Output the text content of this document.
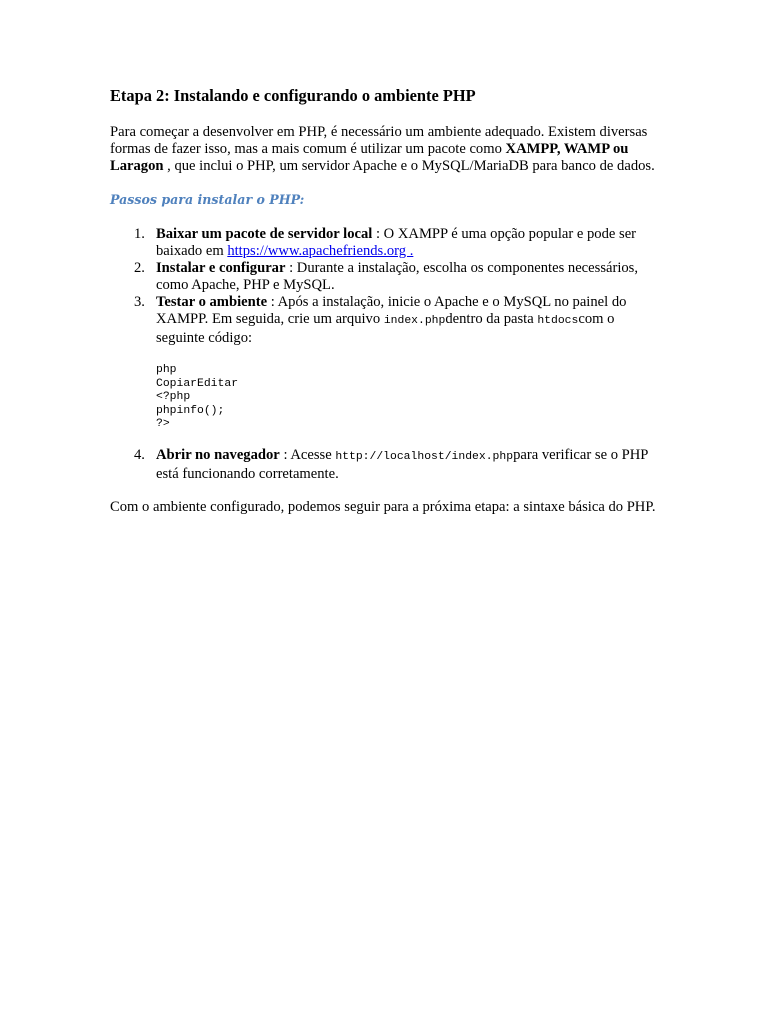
Etapa 2: Instalando e configurando o ambiente PHP

Para começar a desenvolver em PHP, é necessário um ambiente adequado. Existem diversas formas de fazer isso, mas a mais comum é utilizar um pacote como XAMPP, WAMP ou Laragon , que inclui o PHP, um servidor Apache e o MySQL/MariaDB para banco de dados.

Passos para instalar o PHP:
1. Baixar um pacote de servidor local : O XAMPP é uma opção popular e pode ser baixado em https://www.apachefriends.org .
2. Instalar e configurar : Durante a instalação, escolha os componentes necessários, como Apache, PHP e MySQL.
3. Testar o ambiente : Após a instalação, inicie o Apache e o MySQL no painel do XAMPP. Em seguida, crie um arquivo index.phpdentro da pasta htdocscom o seguinte código:
php
CopiarEditar
<?php
phpinfo();
?>
4. Abrir no navegador : Acesse http://localhost/index.phppara verificar se o PHP está funcionando corretamente.

Com o ambiente configurado, podemos seguir para a próxima etapa: a sintaxe básica do PHP.
